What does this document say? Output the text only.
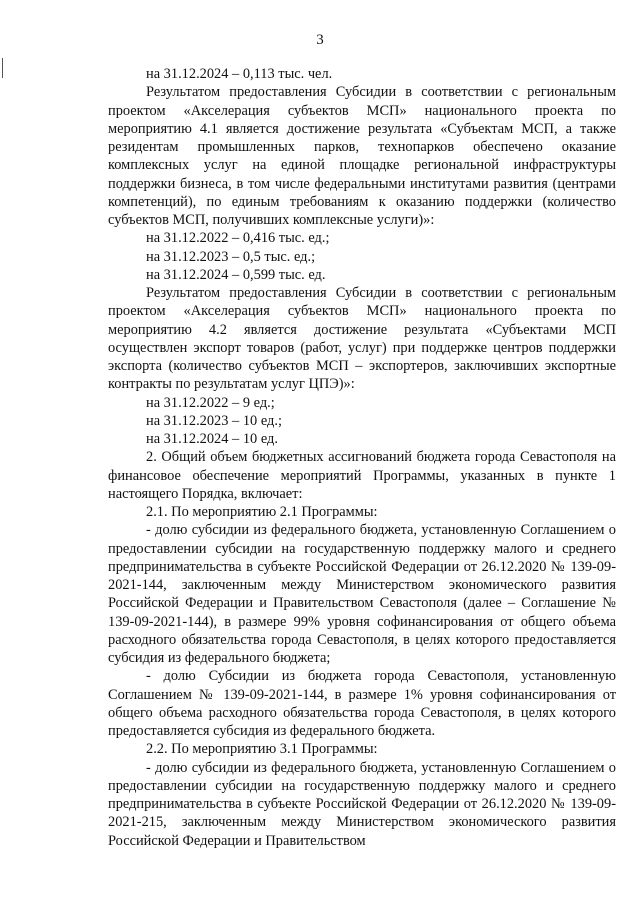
3
на 31.12.2024 – 0,113 тыс. чел.
Результатом предоставления Субсидии в соответствии с региональным проектом «Акселерация субъектов МСП» национального проекта по мероприятию 4.1 является достижение результата «Субъектам МСП, а также резидентам промышленных парков, технопарков обеспечено оказание комплексных услуг на единой площадке региональной инфраструктуры поддержки бизнеса, в том числе федеральными институтами развития (центрами компетенций), по единым требованиям к оказанию поддержки (количество субъектов МСП, получивших комплексные услуги)»:
на 31.12.2022 – 0,416 тыс. ед.;
на 31.12.2023 – 0,5 тыс. ед.;
на 31.12.2024 – 0,599 тыс. ед.
Результатом предоставления Субсидии в соответствии с региональным проектом «Акселерация субъектов МСП» национального проекта по мероприятию 4.2 является достижение результата «Субъектами МСП осуществлен экспорт товаров (работ, услуг) при поддержке центров поддержки экспорта (количество субъектов МСП – экспортеров, заключивших экспортные контракты по результатам услуг ЦПЭ)»:
на 31.12.2022 – 9 ед.;
на 31.12.2023 – 10 ед.;
на 31.12.2024 – 10 ед.
2. Общий объем бюджетных ассигнований бюджета города Севастополя на финансовое обеспечение мероприятий Программы, указанных в пункте 1 настоящего Порядка, включает:
2.1. По мероприятию 2.1 Программы:
- долю субсидии из федерального бюджета, установленную Соглашением о предоставлении субсидии на государственную поддержку малого и среднего предпринимательства в субъекте Российской Федерации от 26.12.2020 № 139-09-2021-144, заключенным между Министерством экономического развития Российской Федерации и Правительством Севастополя (далее – Соглашение № 139-09-2021-144), в размере 99% уровня софинансирования от общего объема расходного обязательства города Севастополя, в целях которого предоставляется субсидия из федерального бюджета;
- долю Субсидии из бюджета города Севастополя, установленную Соглашением № 139-09-2021-144, в размере 1% уровня софинансирования от общего объема расходного обязательства города Севастополя, в целях которого предоставляется субсидия из федерального бюджета.
2.2. По мероприятию 3.1 Программы:
- долю субсидии из федерального бюджета, установленную Соглашением о предоставлении субсидии на государственную поддержку малого и среднего предпринимательства в субъекте Российской Федерации от 26.12.2020 № 139-09-2021-215, заключенным между Министерством экономического развития Российской Федерации и Правительством
